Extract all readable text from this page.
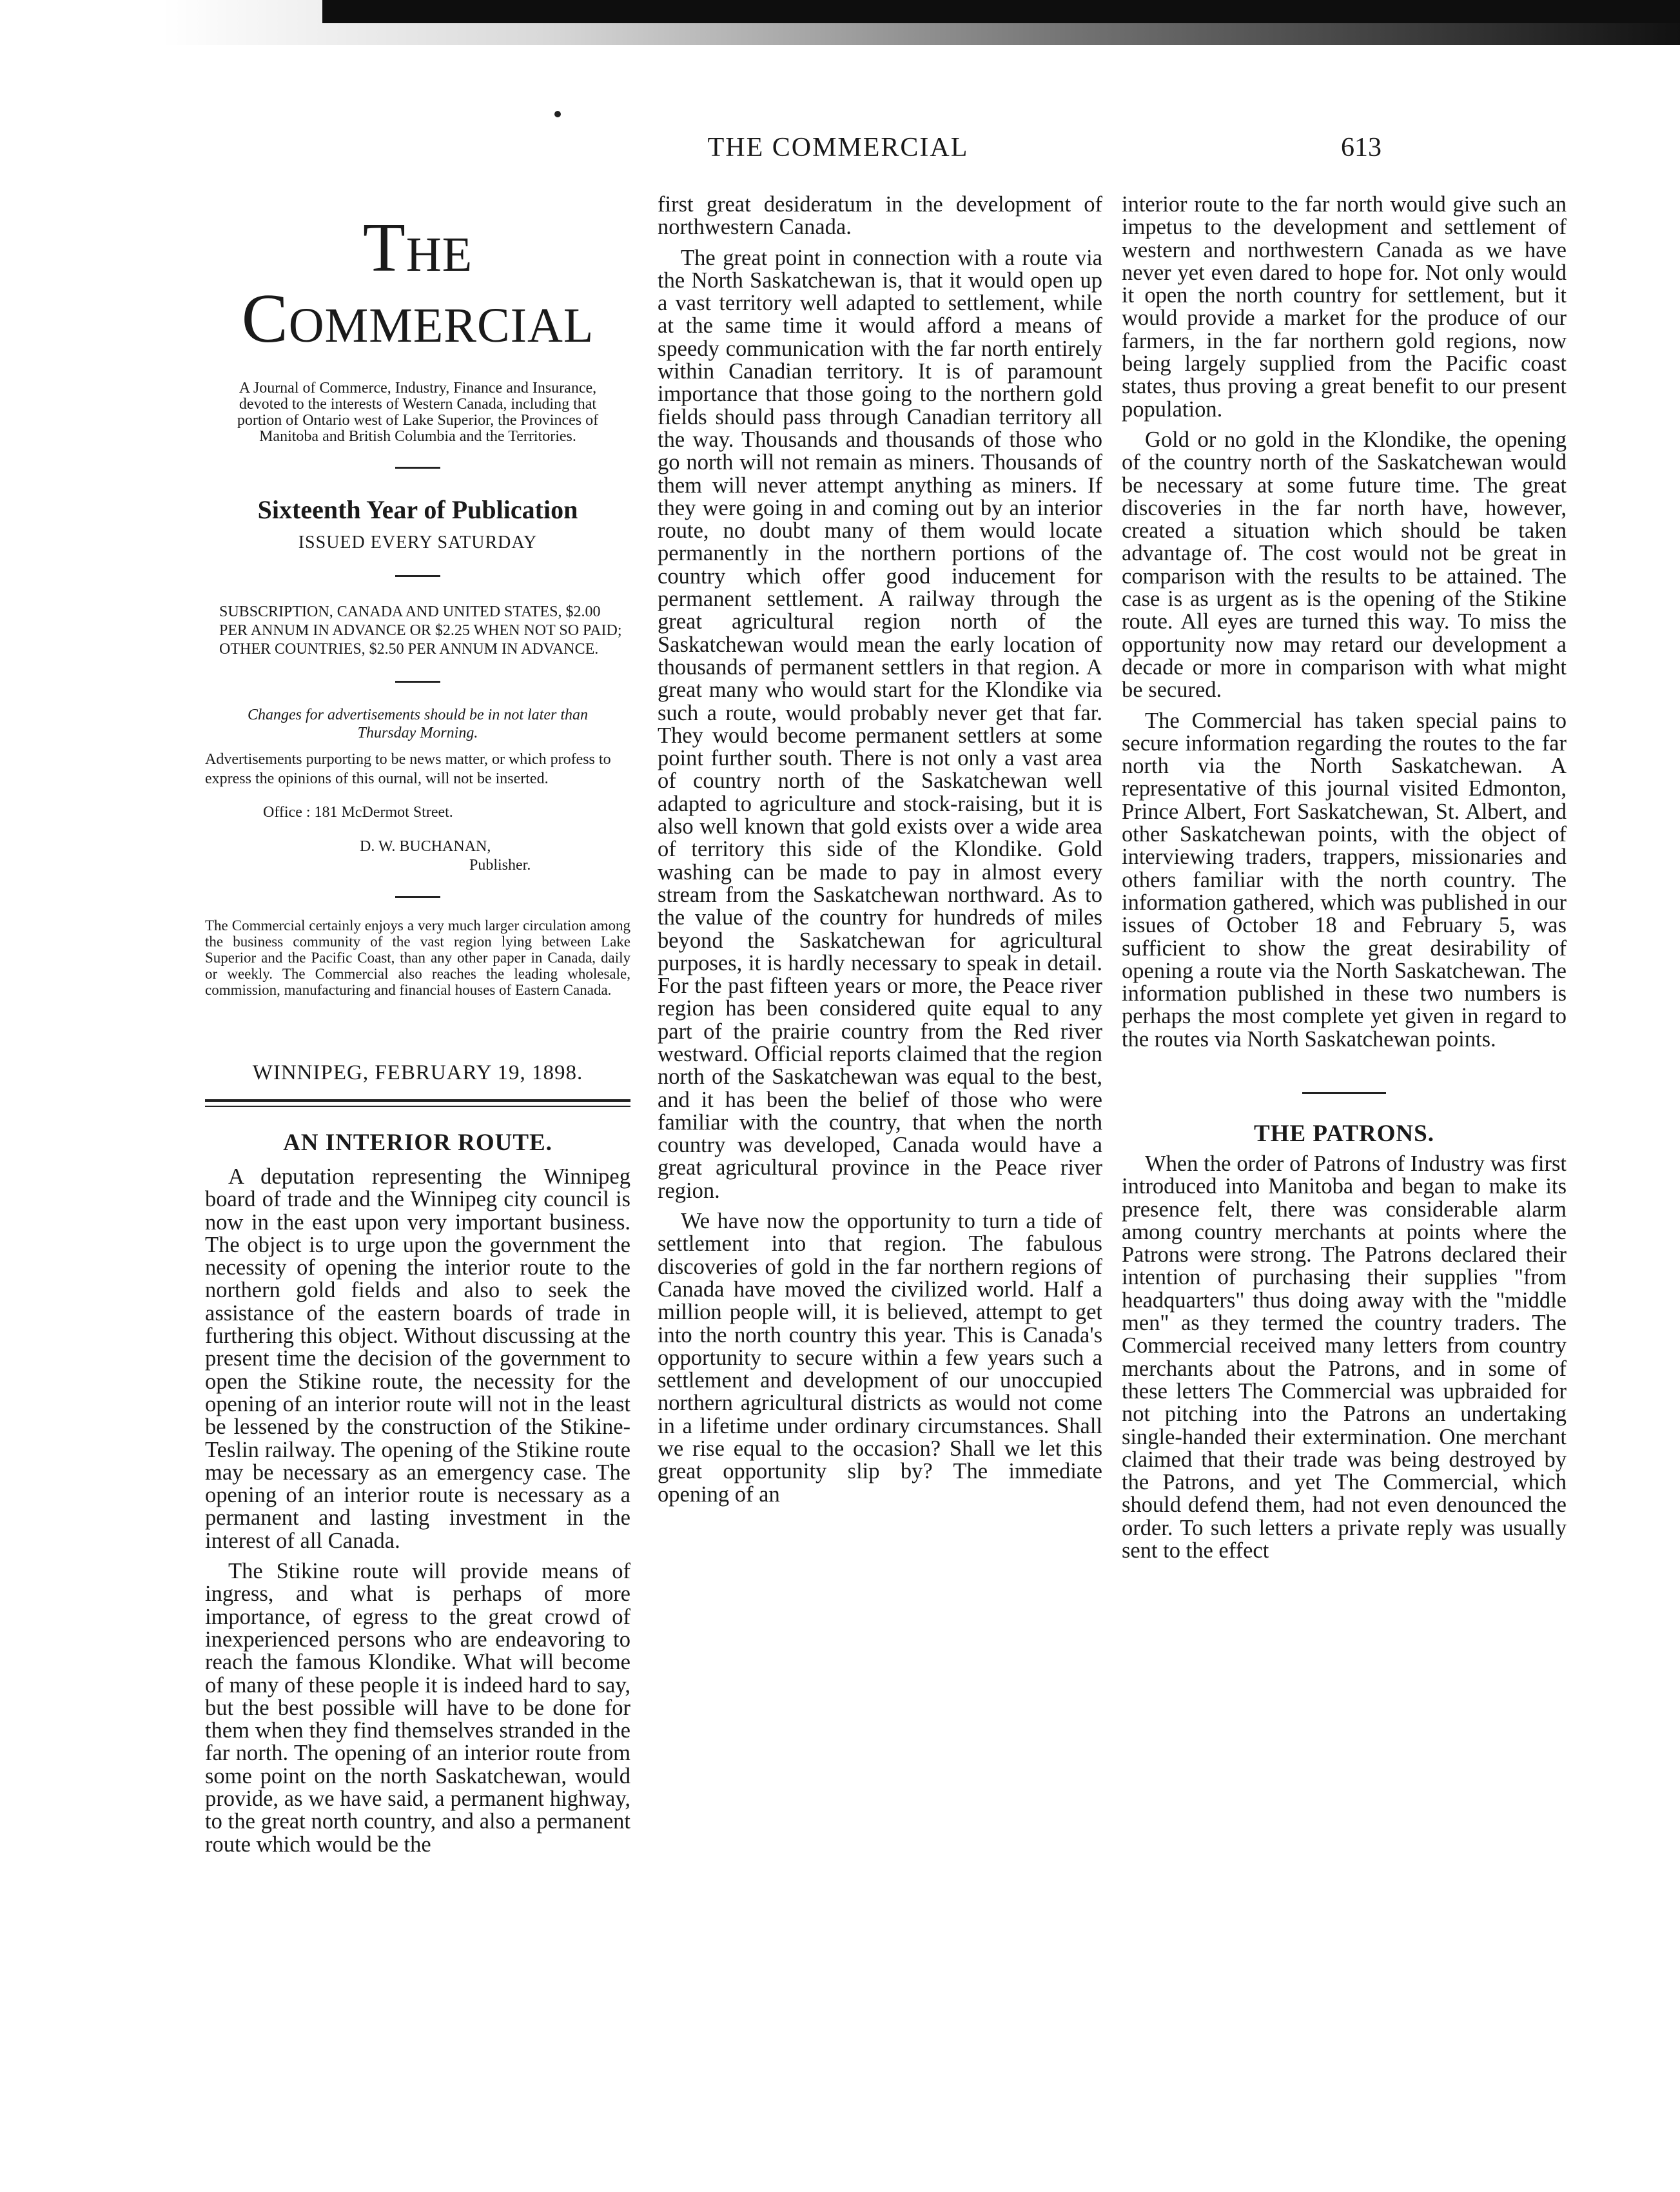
THE COMMERCIAL	613
The Commercial
A Journal of Commerce, Industry, Finance and Insurance, devoted to the interests of Western Canada, including that portion of Ontario west of Lake Superior, the Provinces of Manitoba and British Columbia and the Territories.
Sixteenth Year of Publication
ISSUED EVERY SATURDAY
SUBSCRIPTION, CANADA AND UNITED STATES, $2.00 PER ANNUM IN ADVANCE OR $2.25 WHEN NOT SO PAID; OTHER COUNTRIES, $2.50 PER ANNUM IN ADVANCE.
Changes for advertisements should be in not later than Thursday Morning.
Advertisements purporting to be news matter, or which profess to express the opinions of this ournal, will not be inserted.
Office : 181 McDermot Street.
D. W. BUCHANAN,
Publisher.
The Commercial certainly enjoys a very much larger circulation among the business community of the vast region lying between Lake Superior and the Pacific Coast, than any other paper in Canada, daily or weekly. The Commercial also reaches the leading wholesale, commission, manufacturing and financial houses of Eastern Canada.
WINNIPEG, FEBRUARY 19, 1898.
AN INTERIOR ROUTE.

A deputation representing the Winnipeg board of trade and the Winnipeg city council is now in the east upon very important business. The object is to urge upon the government the necessity of opening the interior route to the northern gold fields and also to seek the assistance of the eastern boards of trade in furthering this object. Without discussing at the present time the decision of the government to open the Stikine route, the necessity for the opening of an interior route will not in the least be lessened by the construction of the Stikine-Teslin railway. The opening of the Stikine route may be necessary as an emergency case. The opening of an interior route is necessary as a permanent and lasting investment in the interest of all Canada.

The Stikine route will provide means of ingress, and what is perhaps of more importance, of egress to the great crowd of inexperienced persons who are endeavoring to reach the famous Klondike. What will become of many of these people it is indeed hard to say, but the best possible will have to be done for them when they find themselves stranded in the far north. The opening of an interior route from some point on the north Saskatchewan, would provide, as we have said, a permanent highway, to the great north country, and also a permanent route which would be the

first great desideratum in the development of northwestern Canada.

The great point in connection with a route via the North Saskatchewan is, that it would open up a vast territory well adapted to settlement, while at the same time it would afford a means of speedy communication with the far north entirely within Canadian territory. It is of paramount importance that those going to the northern gold fields should pass through Canadian territory all the way. Thousands and thousands of those who go north will not remain as miners. Thousands of them will never attempt anything as miners. If they were going in and coming out by an interior route, no doubt many of them would locate permanently in the northern portions of the country which offer good inducement for permanent settlement. A railway through the great agricultural region north of the Saskatchewan would mean the early location of thousands of permanent settlers in that region. A great many who would start for the Klondike via such a route, would probably never get that far. They would become permanent settlers at some point further south. There is not only a vast area of country north of the Saskatchewan well adapted to agriculture and stock-raising, but it is also well known that gold exists over a wide area of territory this side of the Klondike. Gold washing can be made to pay in almost every stream from the Saskatchewan northward. As to the value of the country for hundreds of miles beyond the Saskatchewan for agricultural purposes, it is hardly necessary to speak in detail. For the past fifteen years or more, the Peace river region has been considered quite equal to any part of the prairie country from the Red river westward. Official reports claimed that the region north of the Saskatchewan was equal to the best, and it has been the belief of those who were familiar with the country, that when the north country was developed, Canada would have a great agricultural province in the Peace river region.

We have now the opportunity to turn a tide of settlement into that region. The fabulous discoveries of gold in the far northern regions of Canada have moved the civilized world. Half a million people will, it is believed, attempt to get into the north country this year. This is Canada's opportunity to secure within a few years such a settlement and development of our unoccupied northern agricultural districts as would not come in a lifetime under ordinary circumstances. Shall we rise equal to the occasion? Shall we let this great opportunity slip by? The immediate opening of an

interior route to the far north would give such an impetus to the development and settlement of western and northwestern Canada as we have never yet even dared to hope for. Not only would it open the north country for settlement, but it would provide a market for the produce of our farmers, in the far northern gold regions, now being largely supplied from the Pacific coast states, thus proving a great benefit to our present population.

Gold or no gold in the Klondike, the opening of the country north of the Saskatchewan would be necessary at some future time. The great discoveries in the far north have, however, created a situation which should be taken advantage of. The cost would not be great in comparison with the results to be attained. The case is as urgent as is the opening of the Stikine route. All eyes are turned this way. To miss the opportunity now may retard our development a decade or more in comparison with what might be secured.

The Commercial has taken special pains to secure information regarding the routes to the far north via the North Saskatchewan. A representative of this journal visited Edmonton, Prince Albert, Fort Saskatchewan, St. Albert, and other Saskatchewan points, with the object of interviewing traders, trappers, missionaries and others familiar with the north country. The information gathered, which was published in our issues of October 18 and February 5, was sufficient to show the great desirability of opening a route via the North Saskatchewan. The information published in these two numbers is perhaps the most complete yet given in regard to the routes via North Saskatchewan points.

THE PATRONS.

When the order of Patrons of Industry was first introduced into Manitoba and began to make its presence felt, there was considerable alarm among country merchants at points where the Patrons were strong. The Patrons declared their intention of purchasing their supplies "from headquarters" thus doing away with the "middle men" as they termed the country traders. The Commercial received many letters from country merchants about the Patrons, and in some of these letters The Commercial was upbraided for not pitching into the Patrons an undertaking single-handed their extermination. One merchant claimed that their trade was being destroyed by the Patrons, and yet The Commercial, which should defend them, had not even denounced the order. To such letters a private reply was usually sent to the effect
